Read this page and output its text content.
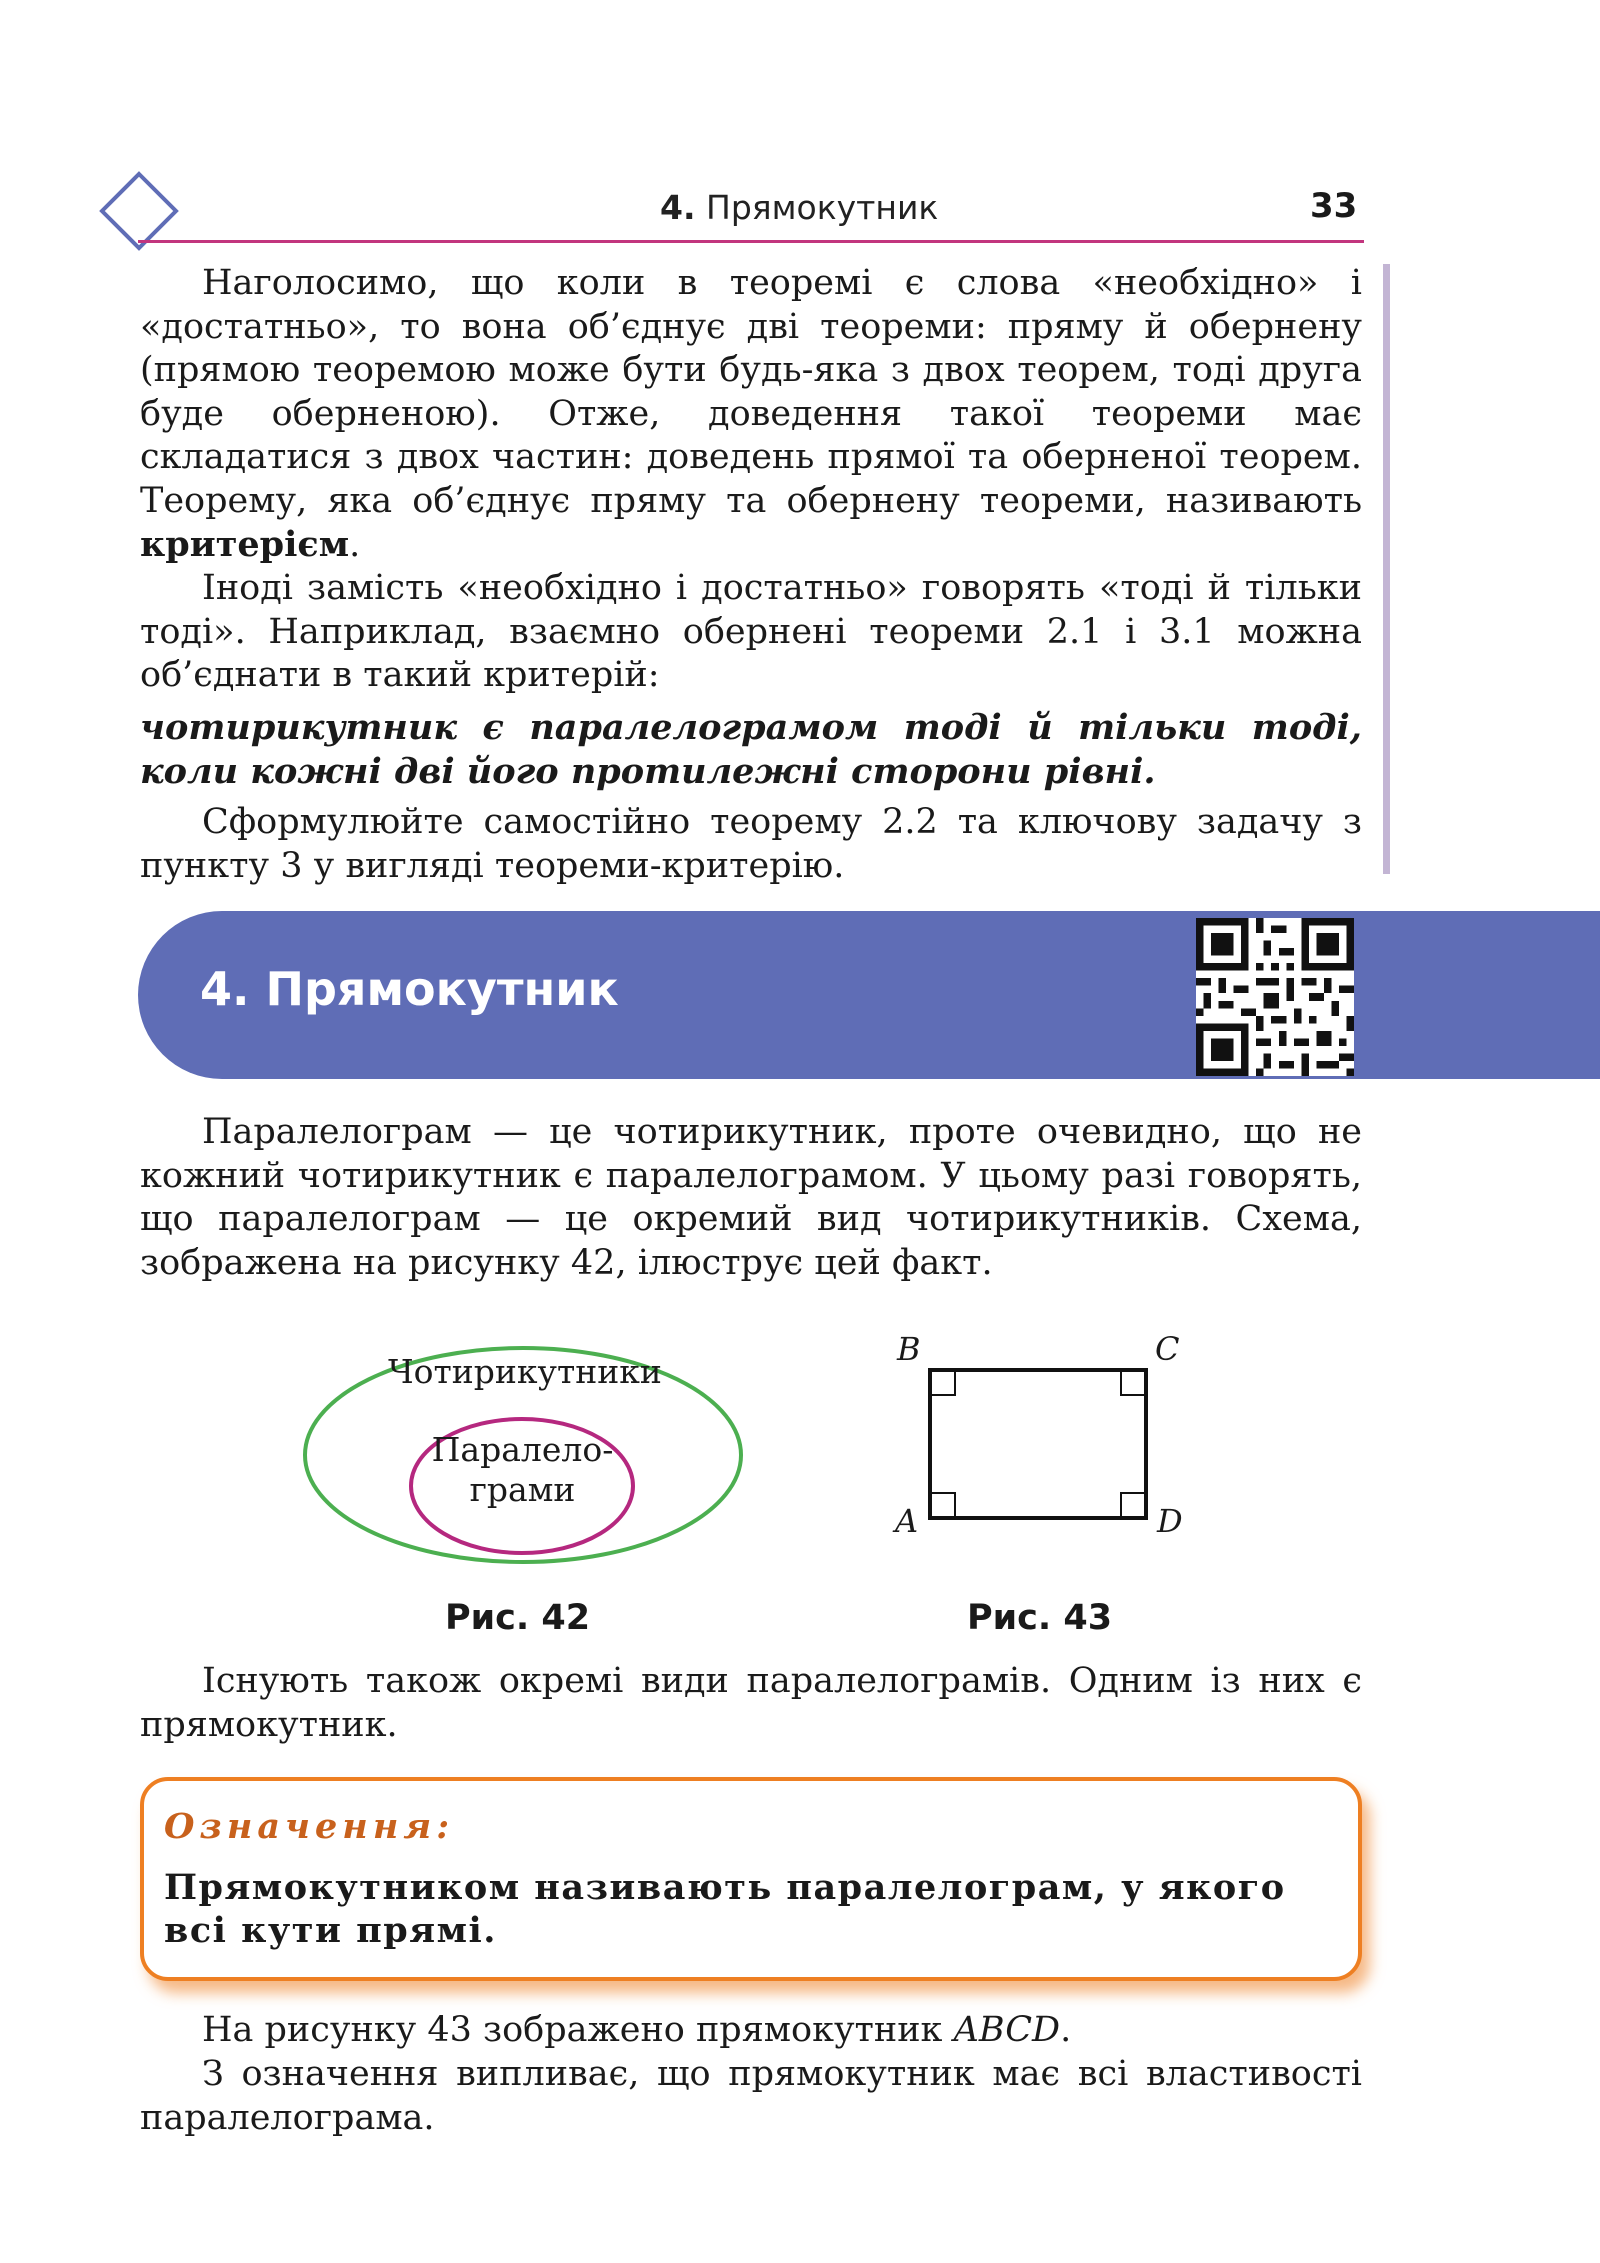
4. Прямокутник	33

Наголосимо, що коли в теоремі є слова «необхідно» і «достатньо», то вона об’єднує дві теореми: пряму й обернену (прямою теоремою може бути будь-яка з двох теорем, тоді друга буде оберненою). Отже, доведення такої теореми має складатися з двох частин: доведень прямої та оберненої теорем. Теорему, яка об’єднує пряму та обернену теореми, називають критерієм.

Іноді замість «необхідно і достатньо» говорять «тоді й тільки тоді». Наприклад, взаємно обернені теореми 2.1 і 3.1 можна об’єднати в такий критерій:

чотирикутник є паралелограмом тоді й тільки тоді, коли кожні дві його протилежні сторони рівні.

Сформулюйте самостійно теорему 2.2 та ключову задачу з пункту 3 у вигляді теореми-критерію.

4. Прямокутник

Паралелограм — це чотирикутник, проте очевидно, що не кожний чотирикутник є паралелограмом. У цьому разі говорять, що паралелограм — це окремий вид чотирикутників. Схема, зображена на рисунку 42, ілюструє цей факт.

Чотирикутники
Паралело-
грами
Рис. 42
B	C
A	D
Рис. 43

Існують також окремі види паралелограмів. Одним із них є прямокутник.

Означення:

Прямокутником називають паралелограм, у якого всі кути прямі.

На рисунку 43 зображено прямокутник ABCD.

З означення випливає, що прямокутник має всі властивості паралелограма.
